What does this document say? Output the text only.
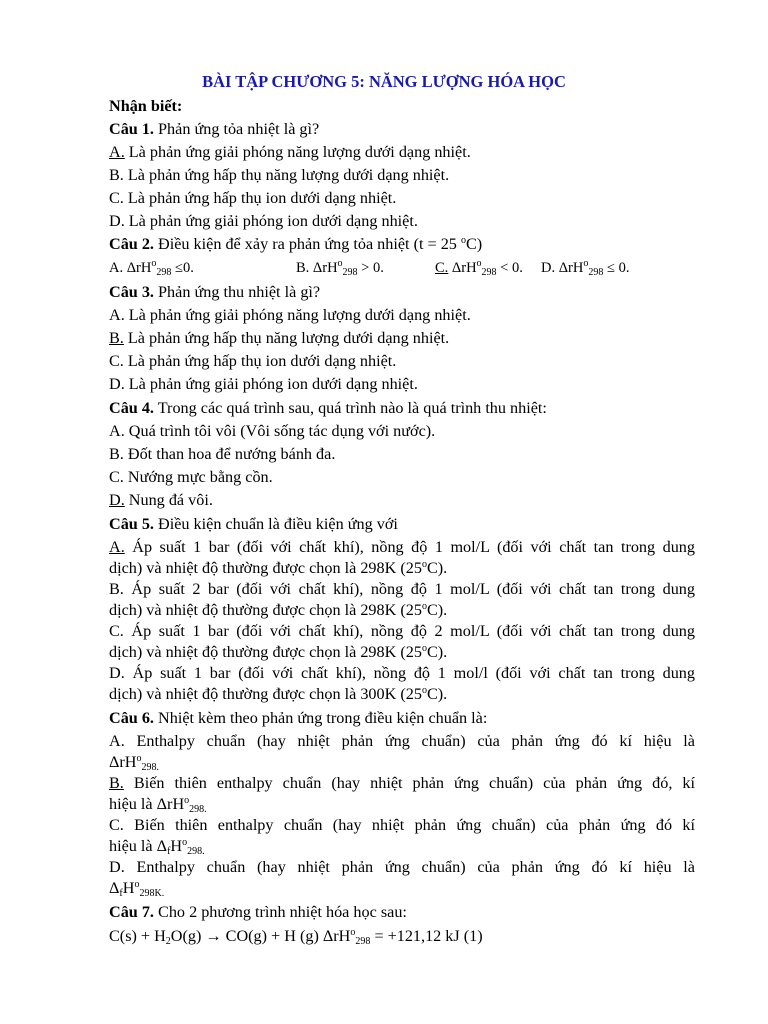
BÀI TẬP CHƯƠNG 5: NĂNG LƯỢNG HÓA HỌC
Nhận biết:
Câu 1. Phản ứng tỏa nhiệt là gì?
A. Là phản ứng giải phóng năng lượng dưới dạng nhiệt.
B. Là phản ứng hấp thụ năng lượng dưới dạng nhiệt.
C. Là phản ứng hấp thụ ion dưới dạng nhiệt.
D. Là phản ứng giải phóng ion dưới dạng nhiệt.
Câu 2. Điều kiện để xảy ra phản ứng tỏa nhiệt (t = 25 $^o$C)
A. ΔrH$^o_{298}$ ≤0.	B. ΔrH$^o_{298}$ > 0.	C. ΔrH$^o_{298}$ < 0. D. ΔrH$^o_{298}$ ≤ 0.
Câu 3. Phản ứng thu nhiệt là gì?
A. Là phản ứng giải phóng năng lượng dưới dạng nhiệt.
B. Là phản ứng hấp thụ năng lượng dưới dạng nhiệt.
C. Là phản ứng hấp thụ ion dưới dạng nhiệt.
D. Là phản ứng giải phóng ion dưới dạng nhiệt.
Câu 4. Trong các quá trình sau, quá trình nào là quá trình thu nhiệt:
A. Quá trình tôi vôi (Vôi sống tác dụng với nước).
B. Đốt than hoa để nướng bánh đa.
C. Nướng mực bằng cồn.
D. Nung đá vôi.
Câu 5. Điều kiện chuẩn là điều kiện ứng với
A. Áp suất 1 bar (đối với chất khí), nồng độ 1 mol/L (đối với chất tan trong dung
dịch) và nhiệt độ thường được chọn là 298K (25$^o$C).
B. Áp suất 2 bar (đối với chất khí), nồng độ 1 mol/L (đối với chất tan trong dung
dịch) và nhiệt độ thường được chọn là 298K (25$^o$C).
C. Áp suất 1 bar (đối với chất khí), nồng độ 2 mol/L (đối với chất tan trong dung
dịch) và nhiệt độ thường được chọn là 298K (25$^o$C).
D. Áp suất 1 bar (đối với chất khí), nồng độ 1 mol/l (đối với chất tan trong dung
dịch) và nhiệt độ thường được chọn là 300K (25$^o$C).
Câu 6. Nhiệt kèm theo phản ứng trong điều kiện chuẩn là:
A. Enthalpy chuẩn (hay nhiệt phản ứng chuẩn) của phản ứng đó kí hiệu là
ΔrH$^o_{298.}$
B. Biến thiên enthalpy chuẩn (hay nhiệt phản ứng chuẩn) của phản ứng đó, kí
hiệu là ΔrH$^o_{298.}$
C. Biến thiên enthalpy chuẩn (hay nhiệt phản ứng chuẩn) của phản ứng đó kí
hiệu là $\Delta_fH^o_{298.}$
D. Enthalpy chuẩn (hay nhiệt phản ứng chuẩn) của phản ứng đó kí hiệu là
$\Delta_fH^o_{298K.}$
Câu 7. Cho 2 phương trình nhiệt hóa học sau:
$C(s) + H_2O(g) \to CO(g) + H$ (g) ΔrH$^o_{298}$ = +121,12 kJ (1)
